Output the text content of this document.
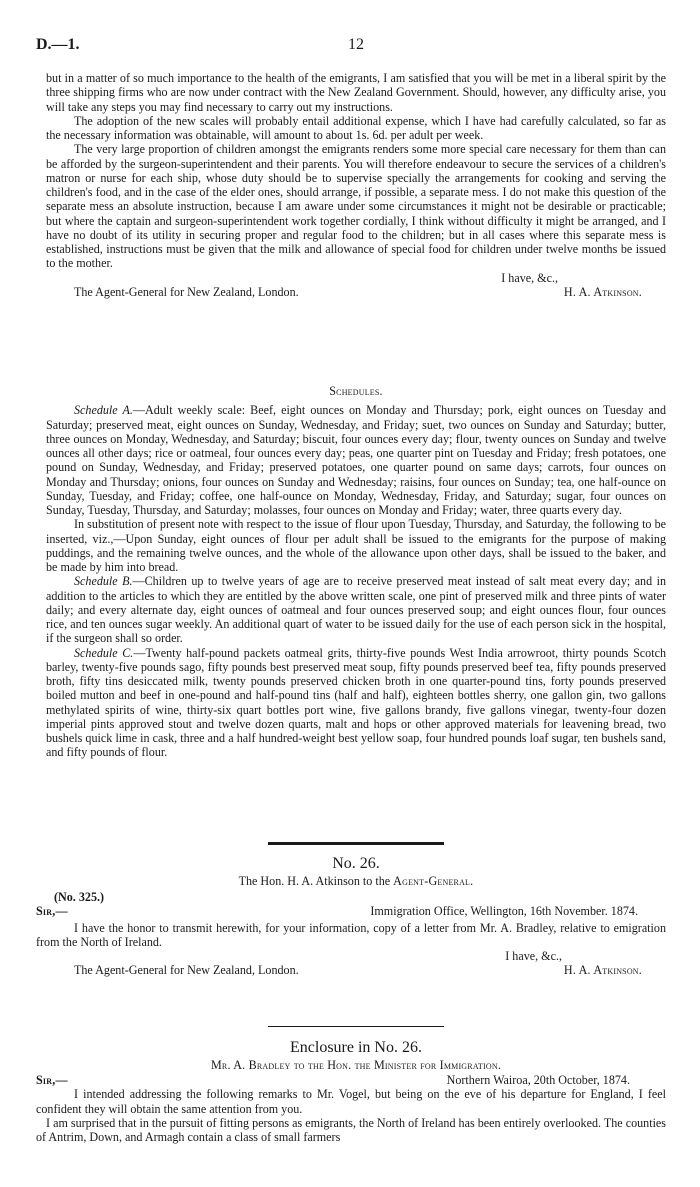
D.—1.	12

but in a matter of so much importance to the health of the emigrants, I am satisfied that you will be met in a liberal spirit by the three shipping firms who are now under contract with the New Zealand Government. Should, however, any difficulty arise, you will take any steps you may find necessary to carry out my instructions.

The adoption of the new scales will probably entail additional expense, which I have had carefully calculated, so far as the necessary information was obtainable, will amount to about 1s. 6d. per adult per week.

The very large proportion of children amongst the emigrants renders some more special care necessary for them than can be afforded by the surgeon-superintendent and their parents. You will therefore endeavour to secure the services of a children's matron or nurse for each ship, whose duty should be to supervise specially the arrangements for cooking and serving the children's food, and in the case of the elder ones, should arrange, if possible, a separate mess. I do not make this question of the separate mess an absolute instruction, because I am aware under some circumstances it might not be desirable or practicable; but where the captain and surgeon-superintendent work together cordially, I think without difficulty it might be arranged, and I have no doubt of its utility in securing proper and regular food to the children; but in all cases where this separate mess is established, instructions must be given that the milk and allowance of special food for children under twelve months be issued to the mother.

I have, &c.,
The Agent-General for New Zealand, London.	H. A. Atkinson.
Schedules.

Schedule A.—Adult weekly scale: Beef, eight ounces on Monday and Thursday; pork, eight ounces on Tuesday and Saturday; preserved meat, eight ounces on Sunday, Wednesday, and Friday; suet, two ounces on Sunday and Saturday; butter, three ounces on Monday, Wednesday, and Saturday; biscuit, four ounces every day; flour, twenty ounces on Sunday and twelve ounces all other days; rice or oatmeal, four ounces every day; peas, one quarter pint on Tuesday and Friday; fresh potatoes, one pound on Sunday, Wednesday, and Friday; preserved potatoes, one quarter pound on same days; carrots, four ounces on Monday and Thursday; onions, four ounces on Sunday and Wednesday; raisins, four ounces on Sunday; tea, one half-ounce on Sunday, Tuesday, and Friday; coffee, one half-ounce on Monday, Wednesday, Friday, and Saturday; sugar, four ounces on Sunday, Tuesday, Thursday, and Saturday; molasses, four ounces on Monday and Friday; water, three quarts every day.

In substitution of present note with respect to the issue of flour upon Tuesday, Thursday, and Saturday, the following to be inserted, viz.,—Upon Sunday, eight ounces of flour per adult shall be issued to the emigrants for the purpose of making puddings, and the remaining twelve ounces, and the whole of the allowance upon other days, shall be issued to the baker, and be made by him into bread.

Schedule B.—Children up to twelve years of age are to receive preserved meat instead of salt meat every day; and in addition to the articles to which they are entitled by the above written scale, one pint of preserved milk and three pints of water daily; and every alternate day, eight ounces of oatmeal and four ounces preserved soup; and eight ounces flour, four ounces rice, and ten ounces sugar weekly. An additional quart of water to be issued daily for the use of each person sick in the hospital, if the surgeon shall so order.

Schedule C.—Twenty half-pound packets oatmeal grits, thirty-five pounds West India arrowroot, thirty pounds Scotch barley, twenty-five pounds sago, fifty pounds best preserved meat soup, fifty pounds preserved beef tea, fifty pounds preserved broth, fifty tins desiccated milk, twenty pounds preserved chicken broth in one quarter-pound tins, forty pounds preserved boiled mutton and beef in one-pound and half-pound tins (half and half), eighteen bottles sherry, one gallon gin, two gallons methylated spirits of wine, thirty-six quart bottles port wine, five gallons brandy, five gallons vinegar, twenty-four dozen imperial pints approved stout and twelve dozen quarts, malt and hops or other approved materials for leavening bread, two bushels quick lime in cask, three and a half hundred-weight best yellow soap, four hundred pounds loaf sugar, ten bushels sand, and fifty pounds of flour.

No. 26.
The Hon. H. A. Atkinson to the Agent-General.
(No. 325.)
Sir,—	Immigration Office, Wellington, 16th November. 1874.

I have the honor to transmit herewith, for your information, copy of a letter from Mr. A. Bradley, relative to emigration from the North of Ireland.

I have, &c.,
The Agent-General for New Zealand, London.	H. A. Atkinson.
Enclosure in No. 26.
Mr. A. Bradley to the Hon. the Minister for Immigration.
Sir,—	Northern Wairoa, 20th October, 1874.

I intended addressing the following remarks to Mr. Vogel, but being on the eve of his departure for England, I feel confident they will obtain the same attention from you.

I am surprised that in the pursuit of fitting persons as emigrants, the North of Ireland has been entirely overlooked. The counties of Antrim, Down, and Armagh contain a class of small farmers
